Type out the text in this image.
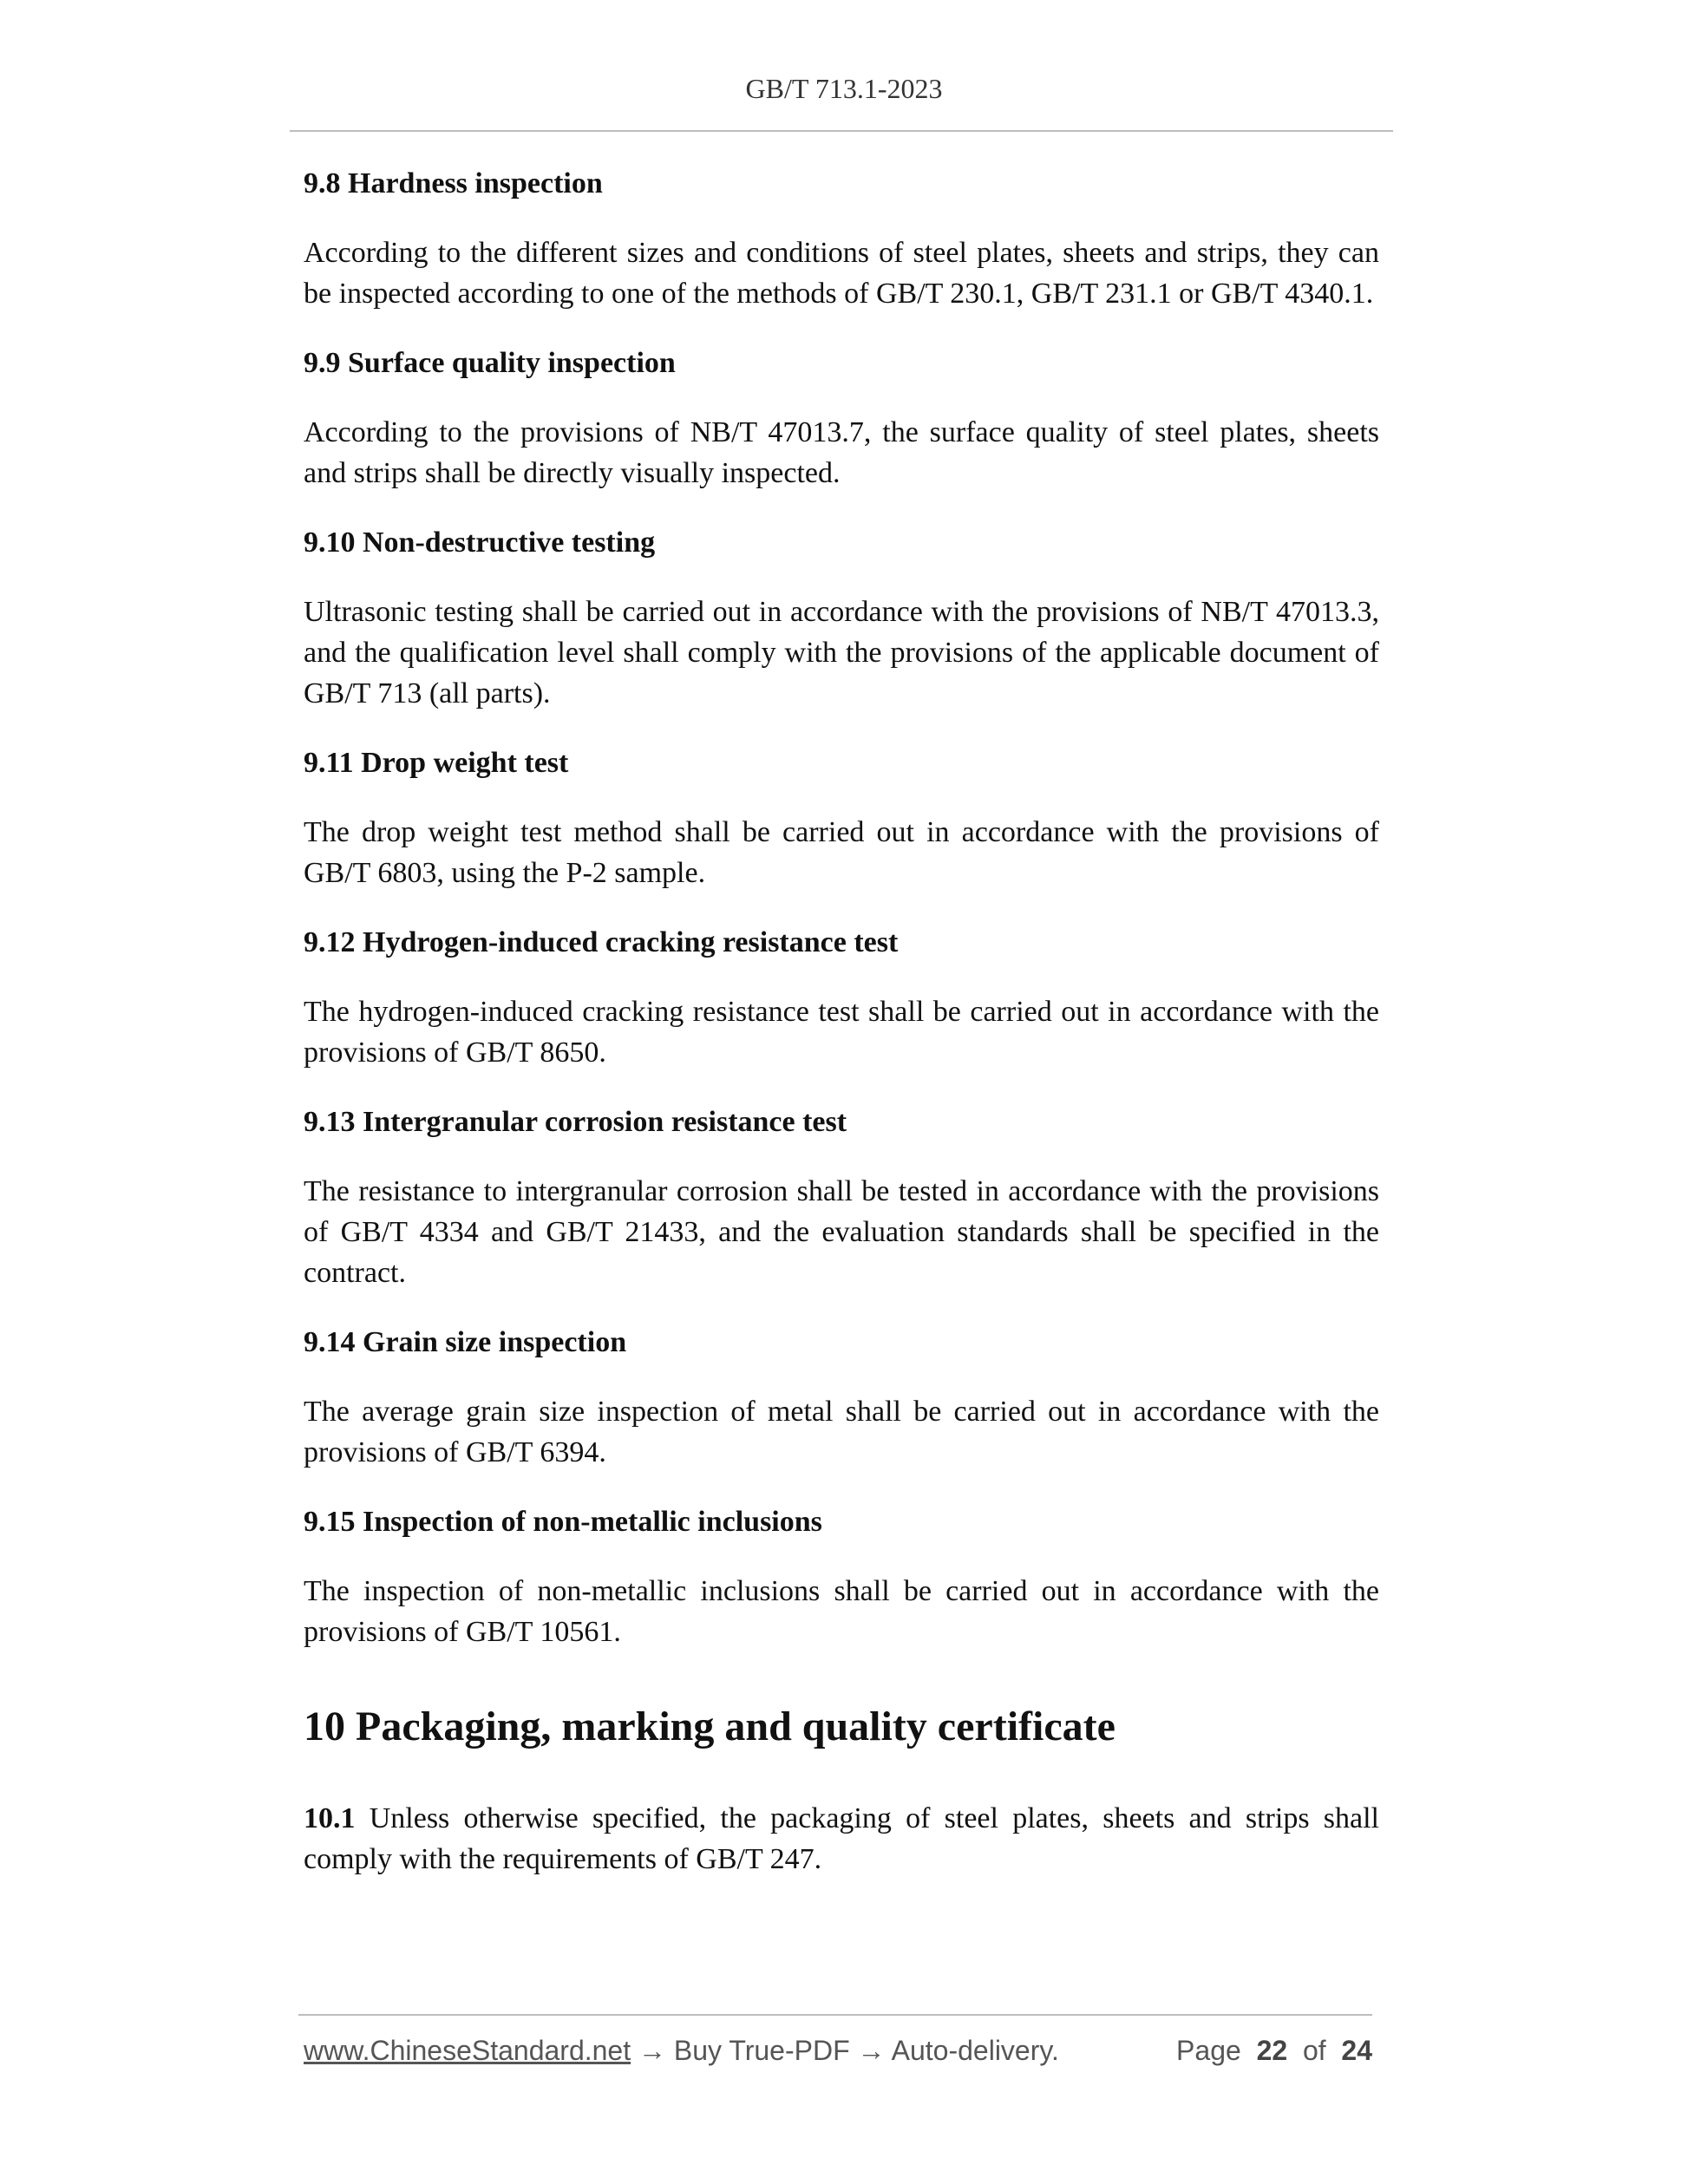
GB/T 713.1-2023
9.8 Hardness inspection

According to the different sizes and conditions of steel plates, sheets and strips, they can be inspected according to one of the methods of GB/T 230.1, GB/T 231.1 or GB/T 4340.1.

9.9 Surface quality inspection

According to the provisions of NB/T 47013.7, the surface quality of steel plates, sheets and strips shall be directly visually inspected.

9.10 Non-destructive testing

Ultrasonic testing shall be carried out in accordance with the provisions of NB/T 47013.3, and the qualification level shall comply with the provisions of the applicable document of GB/T 713 (all parts).

9.11 Drop weight test

The drop weight test method shall be carried out in accordance with the provisions of GB/T 6803, using the P-2 sample.

9.12 Hydrogen-induced cracking resistance test

The hydrogen-induced cracking resistance test shall be carried out in accordance with the provisions of GB/T 8650.

9.13 Intergranular corrosion resistance test

The resistance to intergranular corrosion shall be tested in accordance with the provisions of GB/T 4334 and GB/T 21433, and the evaluation standards shall be specified in the contract.

9.14 Grain size inspection

The average grain size inspection of metal shall be carried out in accordance with the provisions of GB/T 6394.

9.15 Inspection of non-metallic inclusions

The inspection of non-metallic inclusions shall be carried out in accordance with the provisions of GB/T 10561.

10 Packaging, marking and quality certificate

10.1 Unless otherwise specified, the packaging of steel plates, sheets and strips shall comply with the requirements of GB/T 247.

www.ChineseStandard.net → Buy True-PDF → Auto-delivery.	Page 22 of 24
